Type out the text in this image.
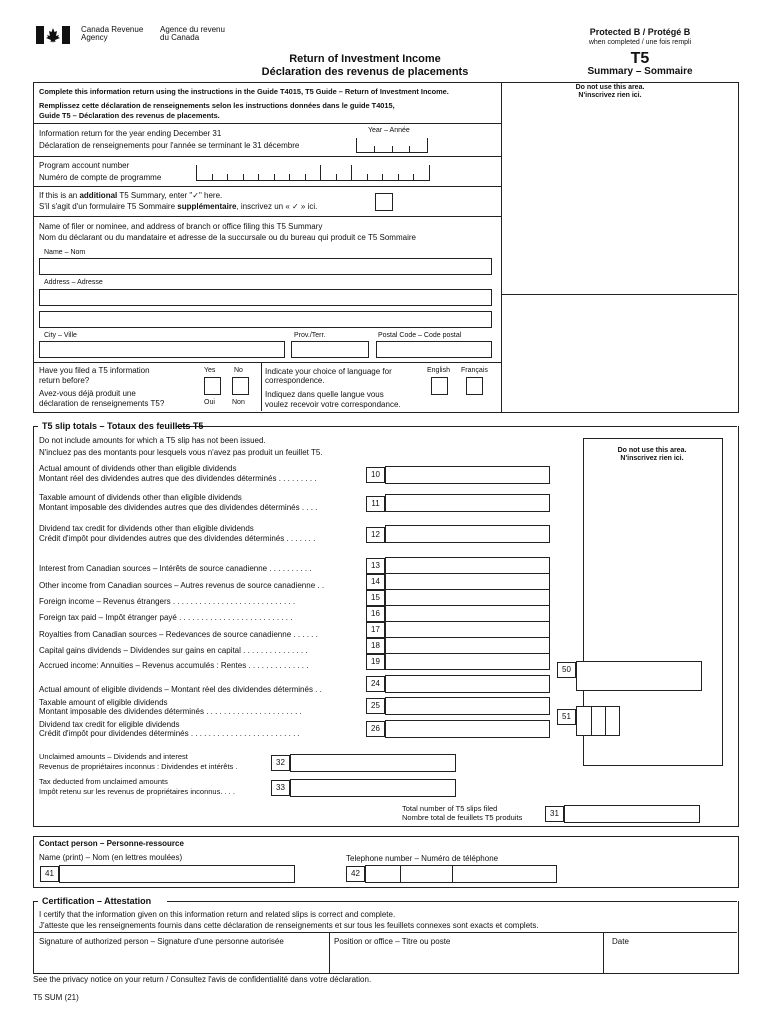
Canada Revenue
Agency
Agence du revenu
du Canada
Protected B / Protégé B
when completed / une fois rempli
T5
Summary – Sommaire
Return of Investment Income
Déclaration des revenus de placements
Do not use this area.
N'inscrivez rien ici.
Complete this information return using the instructions in the Guide T4015, T5 Guide – Return of Investment Income.
Remplissez cette déclaration de renseignements selon les instructions données dans le guide T4015,
Guide T5 – Déclaration des revenus de placements.
Information return for the year ending December 31
Déclaration de renseignements pour l'année se terminant le 31 décembre
Year – Année
Program account number
Numéro de compte de programme
If this is an additional T5 Summary, enter "✓" here.
S'il s'agit d'un formulaire T5 Sommaire supplémentaire, inscrivez un « ✓ » ici.
Name of filer or nominee, and address of branch or office filing this T5 Summary
Nom du déclarant ou du mandataire et adresse de la succursale ou du bureau qui produit ce T5 Sommaire
Name – Nom
Address – Adresse
City – Ville	Prov./Terr.	Postal Code – Code postal
Have you filed a T5 information
return before?
Avez-vous déjà produit une
déclaration de renseignements T5?
Yes	No
Oui Non
Indicate your choice of language for
correspondence.
Indiquez dans quelle langue vous
voulez recevoir votre correspondance.
English Français
T5 slip totals – Totaux des feuillets T5
Do not include amounts for which a T5 slip has not been issued.
N'incluez pas des montants pour lesquels vous n'avez pas produit un feuillet T5.	Do not use this area.
N'inscrivez rien ici.
Actual amount of dividends other than eligible dividends
Montant réel des dividendes autres que des dividendes déterminés . . . . . . . . .	10
Taxable amount of dividends other than eligible dividends
Montant imposable des dividendes autres que des dividendes déterminés . . . .	11
Dividend tax credit for dividends other than eligible dividends
Crédit d'impôt pour dividendes autres que des dividendes déterminés . . . . . . .	12
Interest from Canadian sources – Intérêts de source canadienne . . . . . . . . . .	13
Other income from Canadian sources – Autres revenus de source canadienne . .	14
Foreign income – Revenus étrangers . . . . . . . . . . . . . . . . . . . . . . . . . . . .	15
Foreign tax paid – Impôt étranger payé . . . . . . . . . . . . . . . . . . . . . . . . . .	16
Royalties from Canadian sources – Redevances de source canadienne . . . . . .
17
Capital gains dividends – Dividendes sur gains en capital . . . . . . . . . . . . . . .
18
Accrued income: Annuities – Revenus accumulés : Rentes . . . . . . . . . . . . . .	19
Actual amount of eligible dividends – Montant réel des dividendes déterminés . .
24
Taxable amount of eligible dividends
Montant imposable des dividendes déterminés . . . . . . . . . . . . . . . . . . . . . .
25
Dividend tax credit for eligible dividends
Crédit d'impôt pour dividendes déterminés . . . . . . . . . . . . . . . . . . . . . . . . .
26
50
51
Unclaimed amounts – Dividends and interest
Revenus de propriétaires inconnus : Dividendes et intérêts .	32
Tax deducted from unclaimed amounts
Impôt retenu sur les revenus de propriétaires inconnus. . . .	33
Total number of T5 slips filed
Nombre total de feuillets T5 produits	31
Contact person – Personne-ressource
Name (print) – Nom (en lettres moulées)	Telephone number – Numéro de téléphone
41	42
Certification – Attestation
I certify that the information given on this information return and related slips is correct and complete.
J'atteste que les renseignements fournis dans cette déclaration de renseignements et sur tous les feuillets connexes sont exacts et complets.
Signature of authorized person – Signature d'une personne autorisée	Position or office – Titre ou poste	Date
See the privacy notice on your return / Consultez l'avis de confidentialité dans votre déclaration.
T5 SUM (21)
